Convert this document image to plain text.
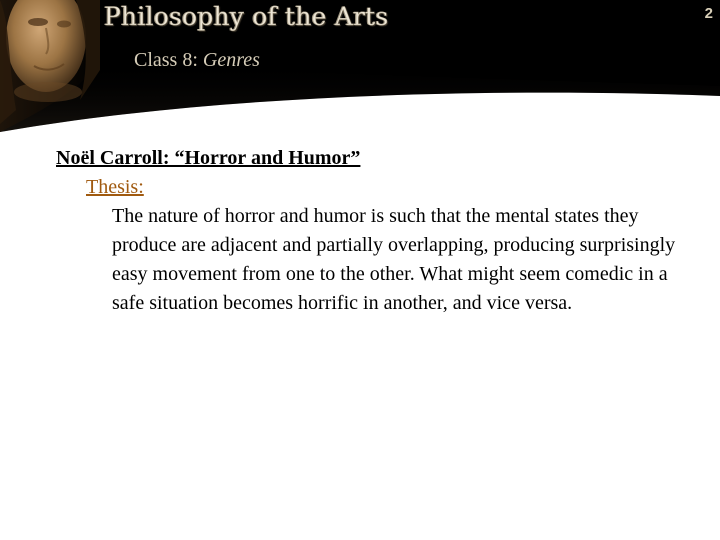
Philosophy of the Arts
Class 8: Genres
2
Noël Carroll: “Horror and Humor”
Thesis:
The nature of horror and humor is such that the mental states they produce are adjacent and partially overlapping, producing surprisingly easy movement from one to the other. What might seem comedic in a safe situation becomes horrific in another, and vice versa.
